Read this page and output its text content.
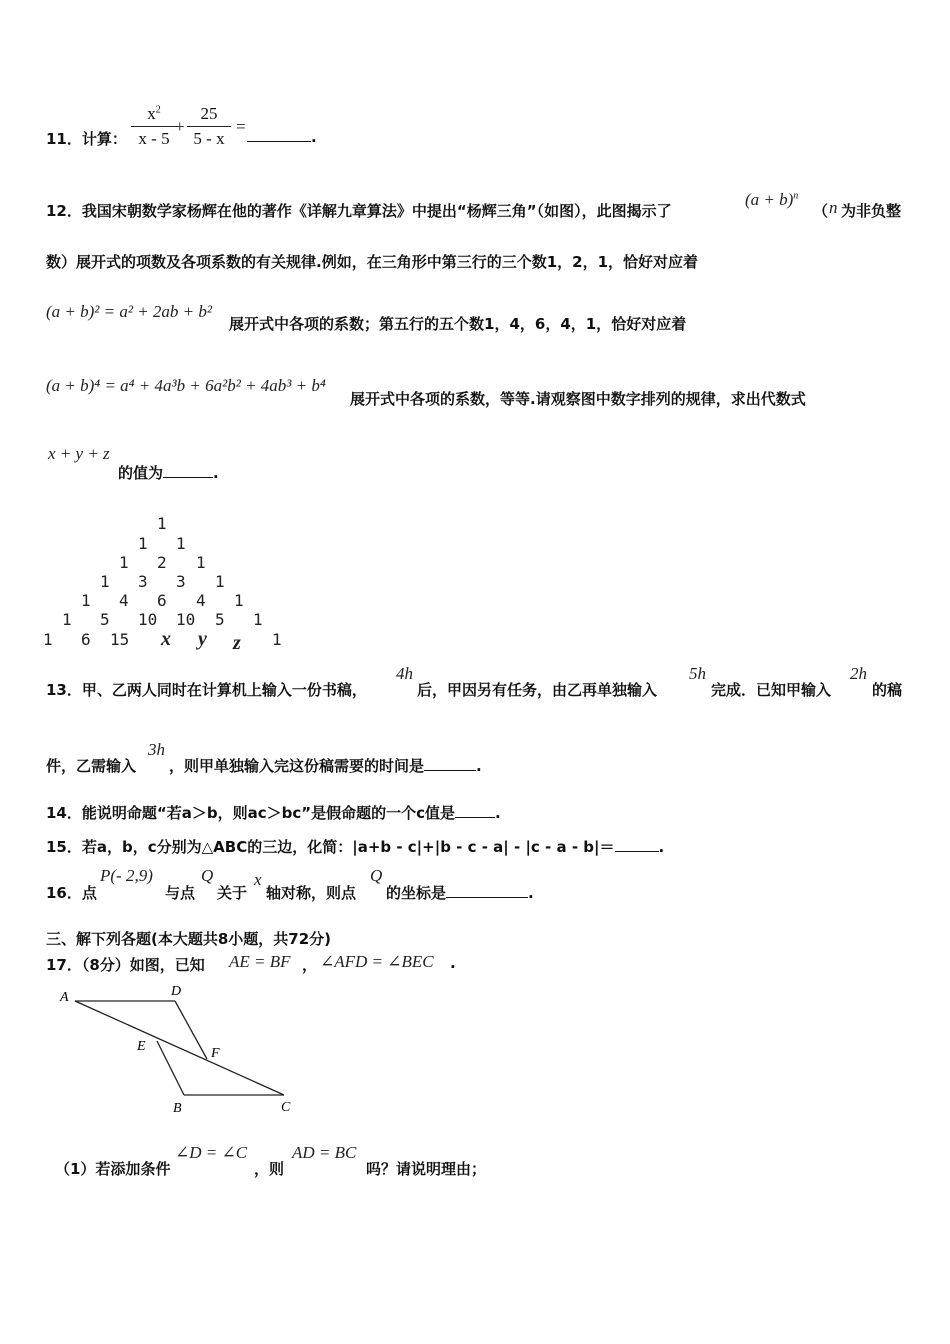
11．计算：
$x^2$
x - 5
+
25
5 - x
=
.
12．我国宋朝数学家杨辉在他的著作《详解九章算法》中提出“杨辉三角”（如图），此图揭示了
$(a + b)^n$
（ n 为非负整
数）展开式的项数及各项系数的有关规律.例如，在三角形中第三行的三个数1，2，1，恰好对应着
(a + b)² = a² + 2ab + b²
展开式中各项的系数；第五行的五个数1，4，6，4，1，恰好对应着
(a + b)⁴ = a⁴ + 4a³b + 6a²b² + 4ab³ + b⁴
展开式中各项的系数，等等.请观察图中数字排列的规律，求出代数式
x + y + z
的值为	.
1
1 1
1 2 1
1 3 3 1
1 4 6 4 1
1 5 10 10 5 1
1 6 15 x y z 1
13．甲、乙两人同时在计算机上输入一份书稿，
4h
后，甲因另有任务，由乙再单独输入
5h
完成．已知甲输入
2h
的稿
件，乙需输入
3h
，则甲单独输入完这份稿需要的时间是	.
14．能说明命题“若a＞b，则ac＞bc”是假命题的一个c值是	.
15．若a，b，c分别为△ABC的三边，化简：|a+b - c|+|b - c - a| - |c - a - b|＝	.
16．点
P(- 2,9)
与点
Q
关于
x
轴对称，则点
Q
的坐标是	.
三、解下列各题(本大题共8小题，共72分)
17．（8分）如图，已知 AE = BF ， ∠AFD = ∠BEC .
A	D
E	F
B	C
（1）若添加条件
∠D = ∠C
，则
AD = BC
吗？请说明理由；
